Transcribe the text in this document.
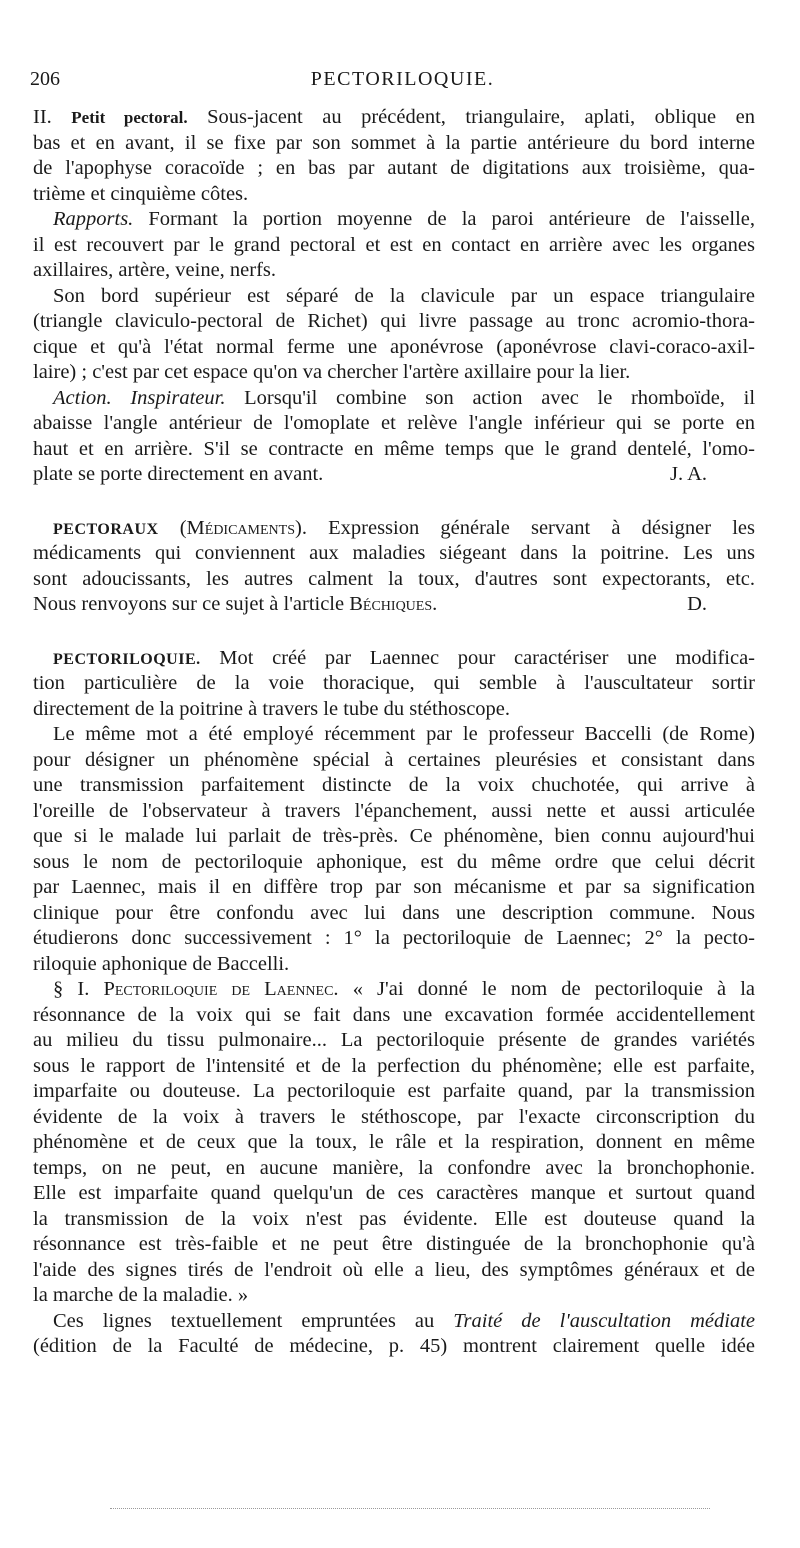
206	PECTORILOQUIE.
II. Petit pectoral. Sous-jacent au précédent, triangulaire, aplati, oblique en
bas et en avant, il se fixe par son sommet à la partie antérieure du bord interne
de l'apophyse coracoïde ; en bas par autant de digitations aux troisième, qua-
trième et cinquième côtes.
Rapports. Formant la portion moyenne de la paroi antérieure de l'aisselle,
il est recouvert par le grand pectoral et est en contact en arrière avec les organes
axillaires, artère, veine, nerfs.
Son bord supérieur est séparé de la clavicule par un espace triangulaire
(triangle claviculo-pectoral de Richet) qui livre passage au tronc acromio-thora-
cique et qu'à l'état normal ferme une aponévrose (aponévrose clavi-coraco-axil-
laire) ; c'est par cet espace qu'on va chercher l'artère axillaire pour la lier.
Action. Inspirateur. Lorsqu'il combine son action avec le rhomboïde, il
abaisse l'angle antérieur de l'omoplate et relève l'angle inférieur qui se porte en
haut et en arrière. S'il se contracte en même temps que le grand dentelé, l'omo-
plate se porte directement en avant.	J. A.
PECTORAUX (Médicaments). Expression générale servant à désigner les
médicaments qui conviennent aux maladies siégeant dans la poitrine. Les uns
sont adoucissants, les autres calment la toux, d'autres sont expectorants, etc.
Nous renvoyons sur ce sujet à l'article Béchiques.	D.
PECTORILOQUIE. Mot créé par Laennec pour caractériser une modifica-
tion particulière de la voie thoracique, qui semble à l'auscultateur sortir
directement de la poitrine à travers le tube du stéthoscope.
Le même mot a été employé récemment par le professeur Baccelli (de Rome)
pour désigner un phénomène spécial à certaines pleurésies et consistant dans
une transmission parfaitement distincte de la voix chuchotée, qui arrive à
l'oreille de l'observateur à travers l'épanchement, aussi nette et aussi articulée
que si le malade lui parlait de très-près. Ce phénomène, bien connu aujourd'hui
sous le nom de pectoriloquie aphonique, est du même ordre que celui décrit
par Laennec, mais il en diffère trop par son mécanisme et par sa signification
clinique pour être confondu avec lui dans une description commune. Nous
étudierons donc successivement : 1° la pectoriloquie de Laennec; 2° la pecto-
riloquie aphonique de Baccelli.
§ I. Pectoriloquie de Laennec. « J'ai donné le nom de pectoriloquie à la
résonnance de la voix qui se fait dans une excavation formée accidentellement
au milieu du tissu pulmonaire... La pectoriloquie présente de grandes variétés
sous le rapport de l'intensité et de la perfection du phénomène; elle est parfaite,
imparfaite ou douteuse. La pectoriloquie est parfaite quand, par la transmission
évidente de la voix à travers le stéthoscope, par l'exacte circonscription du
phénomène et de ceux que la toux, le râle et la respiration, donnent en même
temps, on ne peut, en aucune manière, la confondre avec la bronchophonie.
Elle est imparfaite quand quelqu'un de ces caractères manque et surtout quand
la transmission de la voix n'est pas évidente. Elle est douteuse quand la
résonnance est très-faible et ne peut être distinguée de la bronchophonie qu'à
l'aide des signes tirés de l'endroit où elle a lieu, des symptômes généraux et de
la marche de la maladie. »
Ces lignes textuellement empruntées au Traité de l'auscultation médiate
(édition de la Faculté de médecine, p. 45) montrent clairement quelle idée
